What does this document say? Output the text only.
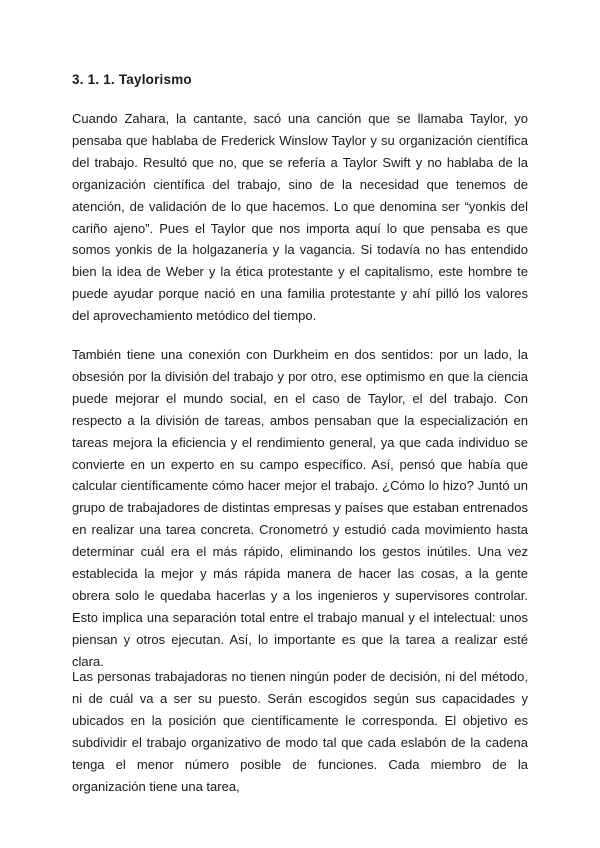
3. 1. 1. Taylorismo

Cuando Zahara, la cantante, sacó una canción que se llamaba Taylor, yo pensaba que hablaba de Frederick Winslow Taylor y su organización científica del trabajo. Resultó que no, que se refería a Taylor Swift y no hablaba de la organización científica del trabajo, sino de la necesidad que tenemos de atención, de validación de lo que hacemos. Lo que denomina ser “yonkis del cariño ajeno”. Pues el Taylor que nos importa aquí lo que pensaba es que somos yonkis de la holgazanería y la vagancia. Si todavía no has entendido bien la idea de Weber y la ética protestante y el capitalismo, este hombre te puede ayudar porque nació en una familia protestante y ahí pilló los valores del aprovechamiento metódico del tiempo.

También tiene una conexión con Durkheim en dos sentidos: por un lado, la obsesión por la división del trabajo y por otro, ese optimismo en que la ciencia puede mejorar el mundo social, en el caso de Taylor, el del trabajo. Con respecto a la división de tareas, ambos pensaban que la especialización en tareas mejora la eficiencia y el rendimiento general, ya que cada individuo se convierte en un experto en su campo específico. Así, pensó que había que calcular científicamente cómo hacer mejor el trabajo. ¿Cómo lo hizo? Juntó un grupo de trabajadores de distintas empresas y países que estaban entrenados en realizar una tarea concreta. Cronometró y estudió cada movimiento hasta determinar cuál era el más rápido, eliminando los gestos inútiles. Una vez establecida la mejor y más rápida manera de hacer las cosas, a la gente obrera solo le quedaba hacerlas y a los ingenieros y supervisores controlar. Esto implica una separación total entre el trabajo manual y el intelectual: unos piensan y otros ejecutan. Así, lo importante es que la tarea a realizar esté clara.

Las personas trabajadoras no tienen ningún poder de decisión, ni del método, ni de cuál va a ser su puesto. Serán escogidos según sus capacidades y ubicados en la posición que científicamente le corresponda. El objetivo es subdividir el trabajo organizativo de modo tal que cada eslabón de la cadena tenga el menor número posible de funciones. Cada miembro de la organización tiene una tarea,
